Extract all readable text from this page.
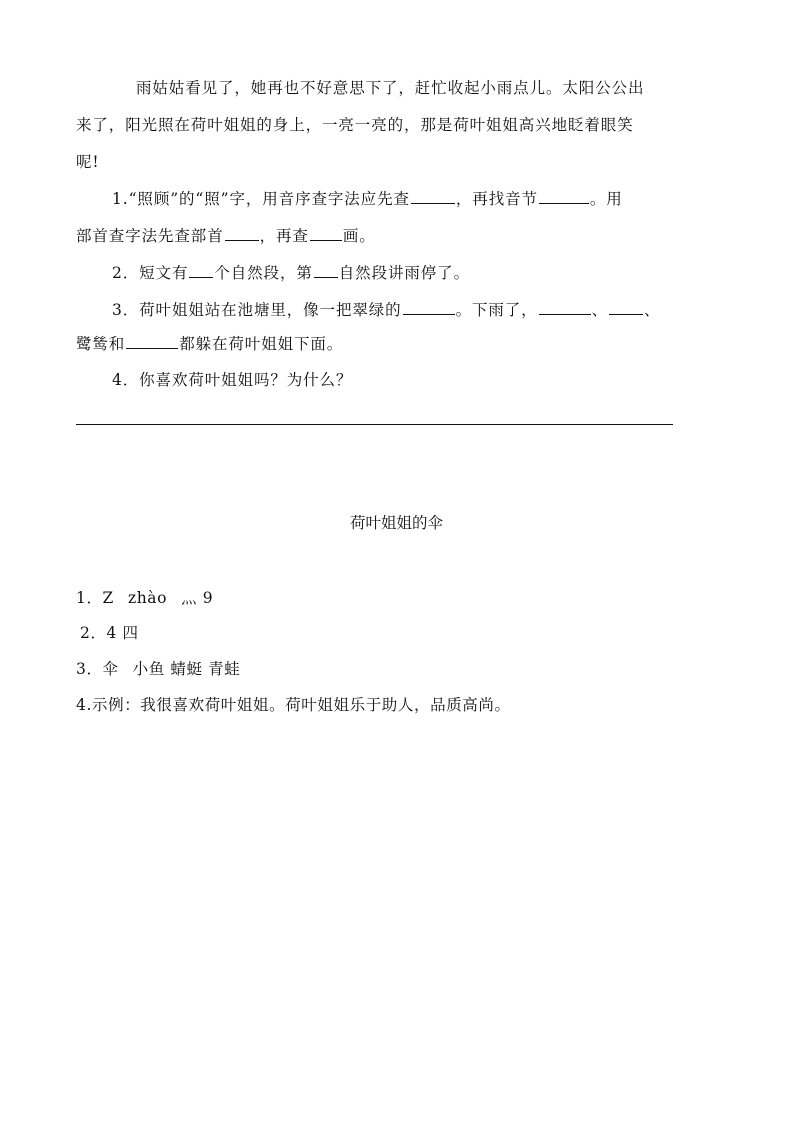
雨姑姑看见了，她再也不好意思下了，赶忙收起小雨点儿。太阳公公出
来了，阳光照在荷叶姐姐的身上，一亮一亮的，那是荷叶姐姐高兴地眨着眼笑
呢!
1.“照顾”的“照”字，用音序查字法应先查	，再找音节	。用
部首查字法先查部首 ，再查 画。
2．短文有 个自然段，第 自然段讲雨停了。
3．荷叶姐姐站在池塘里，像一把翠绿的	。下雨了，	、 、
鹭鸶和	都躲在荷叶姐姐下面。
4．你喜欢荷叶姐姐吗？为什么？
荷叶姐姐的伞
1．Z zhào 灬 9
2．4 四
3．伞 小鱼 蜻蜓 青蛙
4.示例：我很喜欢荷叶姐姐。荷叶姐姐乐于助人，品质高尚。
